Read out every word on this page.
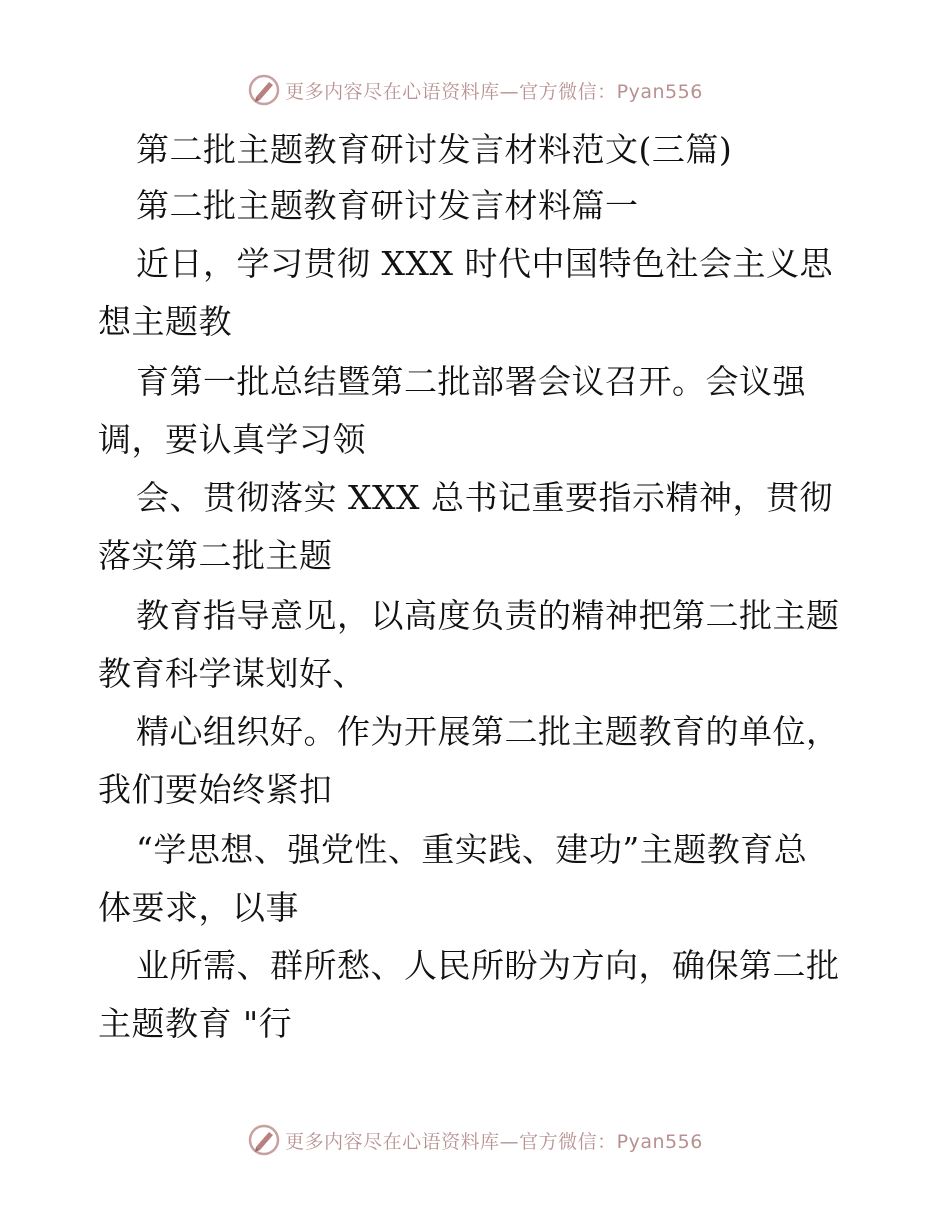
更多内容尽在心语资料库—官方微信：Pyan556
第二批主题教育研讨发言材料范文(三篇)
第二批主题教育研讨发言材料篇一
近日，学习贯彻 XXX 时代中国特色社会主义思
想主题教
育第一批总结暨第二批部署会议召开。会议强
调，要认真学习领
会、贯彻落实 XXX 总书记重要指示精神，贯彻
落实第二批主题
教育指导意见，以高度负责的精神把第二批主题
教育科学谋划好、
精心组织好。作为开展第二批主题教育的单位，
我们要始终紧扣
“学思想、强党性、重实践、建功”主题教育总
体要求，以事
业所需、群所愁、人民所盼为方向，确保第二批
主题教育 "行
更多内容尽在心语资料库—官方微信：Pyan556
